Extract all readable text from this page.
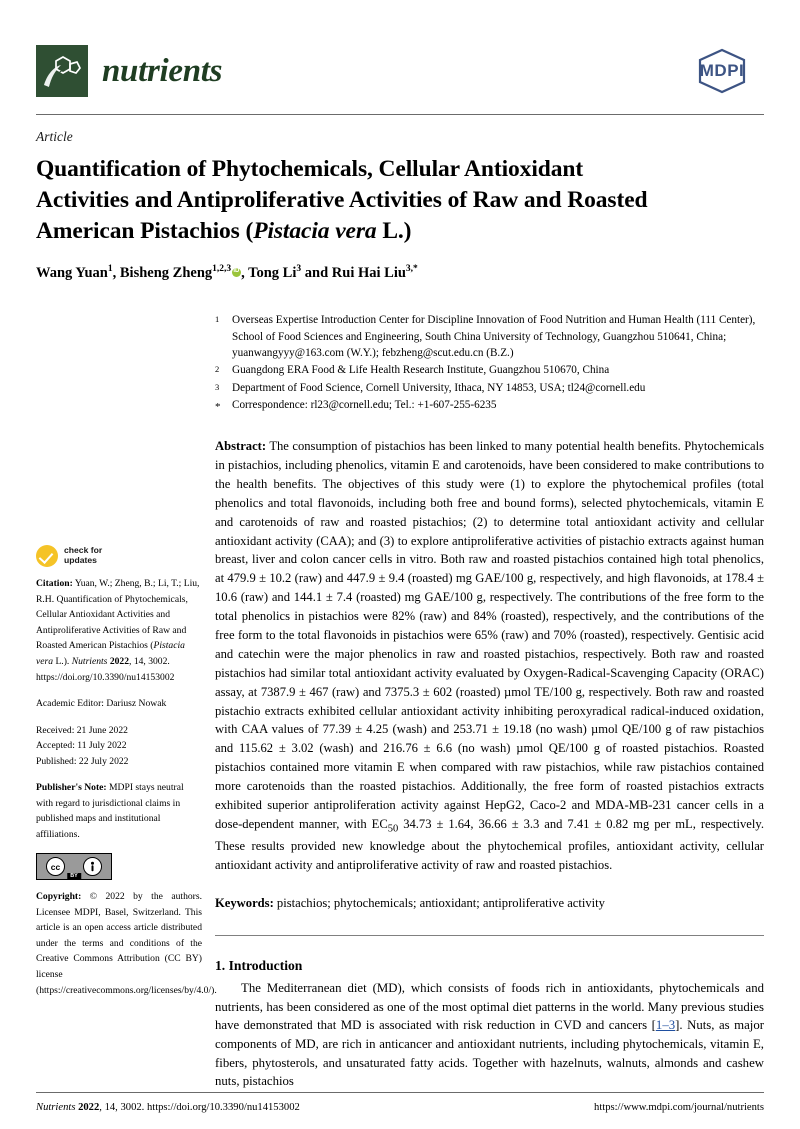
nutrients	MDPI
Article
Quantification of Phytochemicals, Cellular Antioxidant
Activities and Antiproliferative Activities of Raw and Roasted
American Pistachios (Pistacia vera L.)
Wang Yuan$^1$, Bisheng Zheng$^{1,2,3}$ iD , Tong Li$^3$ and Rui Hai Liu$^{3,*}$
check for
updates
Citation: Yuan, W.; Zheng, B.; Li, T.; Liu, R.H. Quantification of Phytochemicals, Cellular Antioxidant Activities and Antiproliferative Activities of Raw and Roasted American Pistachios (Pistacia vera L.). Nutrients 2022, 14, 3002. https://doi.org/10.3390/nu14153002
Academic Editor: Dariusz Nowak
Received: 21 June 2022
Accepted: 11 July 2022
Published: 22 July 2022
Publisher's Note: MDPI stays neutral with regard to jurisdictional claims in published maps and institutional affiliations.
cc
BY
Copyright: © 2022 by the authors. Licensee MDPI, Basel, Switzerland. This article is an open access article distributed under the terms and conditions of the Creative Commons Attribution (CC BY) license (https://creativecommons.org/licenses/by/4.0/).
1	Overseas Expertise Introduction Center for Discipline Innovation of Food Nutrition and Human Health (111 Center), School of Food Sciences and Engineering, South China University of Technology, Guangzhou 510641, China; yuanwangyyy@163.com (W.Y.); febzheng@scut.edu.cn (B.Z.)
2	Guangdong ERA Food & Life Health Research Institute, Guangzhou 510670, China
3	Department of Food Science, Cornell University, Ithaca, NY 14853, USA; tl24@cornell.edu
*	Correspondence: rl23@cornell.edu; Tel.: +1-607-255-6235
Abstract: The consumption of pistachios has been linked to many potential health benefits. Phytochemicals in pistachios, including phenolics, vitamin E and carotenoids, have been considered to make contributions to the health benefits. The objectives of this study were (1) to explore the phytochemical profiles (total phenolics and total flavonoids, including both free and bound forms), selected phytochemicals, vitamin E and carotenoids of raw and roasted pistachios; (2) to determine total antioxidant activity and cellular antioxidant activity (CAA); and (3) to explore antiproliferative activities of pistachio extracts against human breast, liver and colon cancer cells in vitro. Both raw and roasted pistachios contained high total phenolics, at 479.9 ± 10.2 (raw) and 447.9 ± 9.4 (roasted) mg GAE/100 g, respectively, and high flavonoids, at 178.4 ± 10.6 (raw) and 144.1 ± 7.4 (roasted) mg GAE/100 g, respectively. The contributions of the free form to the total phenolics in pistachios were 82% (raw) and 84% (roasted), respectively, and the contributions of the free form to the total flavonoids in pistachios were 65% (raw) and 70% (roasted), respectively. Gentisic acid and catechin were the major phenolics in raw and roasted pistachios, respectively. Both raw and roasted pistachios had similar total antioxidant activity evaluated by Oxygen-Radical-Scavenging Capacity (ORAC) assay, at 7387.9 ± 467 (raw) and 7375.3 ± 602 (roasted) µmol TE/100 g, respectively. Both raw and roasted pistachio extracts exhibited cellular antioxidant activity inhibiting peroxyradical radical-induced oxidation, with CAA values of 77.39 ± 4.25 (wash) and 253.71 ± 19.18 (no wash) µmol QE/100 g of raw pistachios and 115.62 ± 3.02 (wash) and 216.76 ± 6.6 (no wash) µmol QE/100 g of roasted pistachios. Roasted pistachios contained more vitamin E when compared with raw pistachios, while raw pistachios contained more carotenoids than the roasted pistachios. Additionally, the free form of roasted pistachios extracts exhibited superior antiproliferation activity against HepG2, Caco-2 and MDA-MB-231 cancer cells in a dose-dependent manner, with $EC_{50}$ 34.73 ± 1.64, 36.66 ± 3.3 and 7.41 ± 0.82 mg per mL, respectively. These results provided new knowledge about the phytochemical profiles, antioxidant activity, cellular antioxidant activity and antiproliferative activity of raw and roasted pistachios.
Keywords: pistachios; phytochemicals; antioxidant; antiproliferative activity
1. Introduction
The Mediterranean diet (MD), which consists of foods rich in antioxidants, phytochemicals and nutrients, has been considered as one of the most optimal diet patterns in the world. Many previous studies have demonstrated that MD is associated with risk reduction in CVD and cancers [1–3]. Nuts, as major components of MD, are rich in anticancer and antioxidant nutrients, including phytochemicals, vitamin E, fibers, phytosterols, and unsaturated fatty acids. Together with hazelnuts, walnuts, almonds and cashew nuts, pistachios
Nutrients 2022, 14, 3002. https://doi.org/10.3390/nu14153002	https://www.mdpi.com/journal/nutrients
